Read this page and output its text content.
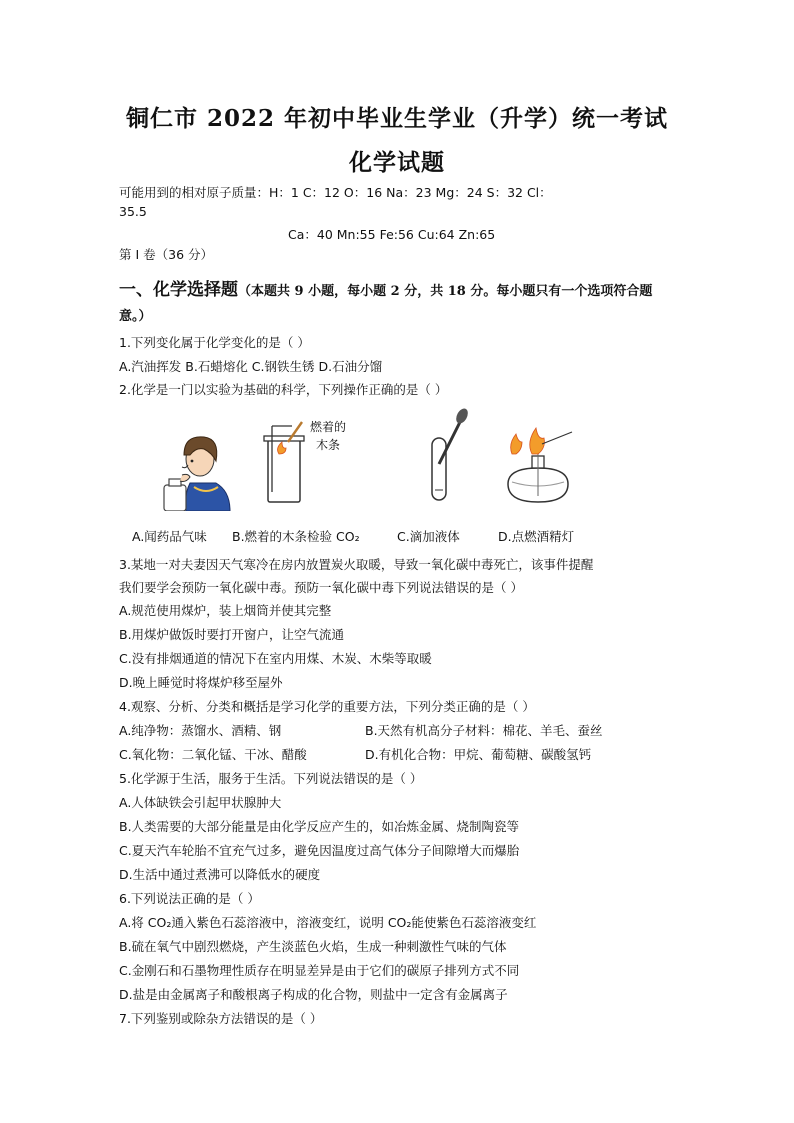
铜仁市 2022 年初中毕业生学业（升学）统一考试
化学试题
可能用到的相对原子质量：H：1 C：12 O：16 Na：23 Mg：24 S：32 Cl：
35.5
Ca：40 Mn:55 Fe:56 Cu:64 Zn:65
第 I 卷（36 分）
一、化学选择题（本题共 9 小题，每小题 2 分，共 18 分。每小题只有一个选项符合题
意。）
1.下列变化属于化学变化的是（ ）
A.汽油挥发 B.石蜡熔化 C.钢铁生锈 D.石油分馏
2.化学是一门以实验为基础的科学，下列操作正确的是（ ）
燃着的
木条
A.闻药品气味 B.燃着的木条检验 CO₂	C.滴加液体	D.点燃酒精灯
3.某地一对夫妻因天气寒冷在房内放置炭火取暖，导致一氧化碳中毒死亡，该事件提醒
我们要学会预防一氧化碳中毒。预防一氧化碳中毒下列说法错误的是（ ）
A.规范使用煤炉，装上烟筒并使其完整
B.用煤炉做饭时要打开窗户，让空气流通
C.没有排烟通道的情况下在室内用煤、木炭、木柴等取暖
D.晚上睡觉时将煤炉移至屋外
4.观察、分析、分类和概括是学习化学的重要方法，下列分类正确的是（ ）
A.纯净物：蒸馏水、酒精、钢	B.天然有机高分子材料：棉花、羊毛、蚕丝
C.氧化物：二氧化锰、干冰、醋酸	D.有机化合物：甲烷、葡萄糖、碳酸氢钙
5.化学源于生活，服务于生活。下列说法错误的是（ ）
A.人体缺铁会引起甲状腺肿大
B.人类需要的大部分能量是由化学反应产生的，如冶炼金属、烧制陶瓷等
C.夏天汽车轮胎不宜充气过多，避免因温度过高气体分子间隙增大而爆胎
D.生活中通过煮沸可以降低水的硬度
6.下列说法正确的是（ ）
A.将 CO₂通入紫色石蕊溶液中，溶液变红，说明 CO₂能使紫色石蕊溶液变红
B.硫在氧气中剧烈燃烧，产生淡蓝色火焰，生成一种刺激性气味的气体
C.金刚石和石墨物理性质存在明显差异是由于它们的碳原子排列方式不同
D.盐是由金属离子和酸根离子构成的化合物，则盐中一定含有金属离子
7.下列鉴别或除杂方法错误的是（ ）
